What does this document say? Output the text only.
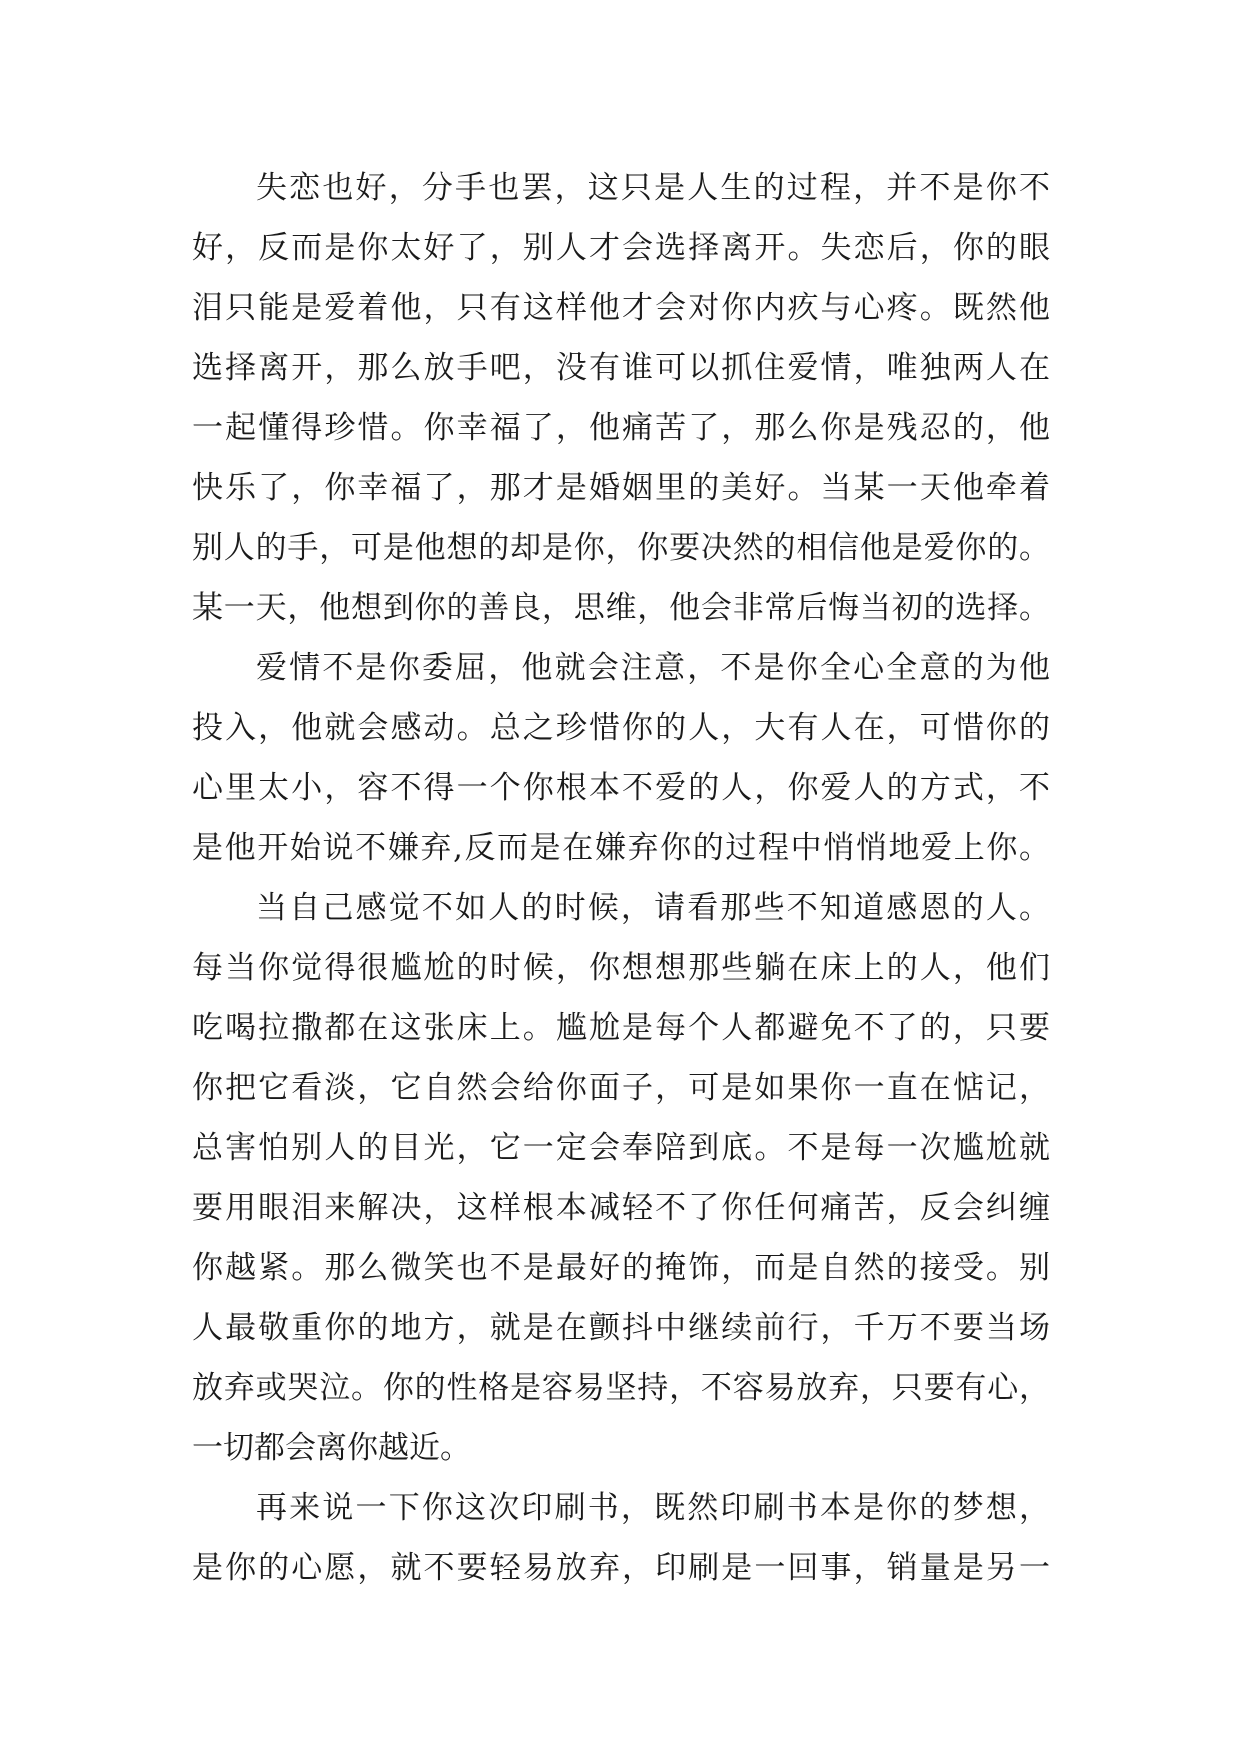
失恋也好，分手也罢，这只是人生的过程，并不是你不
好，反而是你太好了，别人才会选择离开。失恋后，你的眼
泪只能是爱着他，只有这样他才会对你内疚与心疼。既然他
选择离开，那么放手吧，没有谁可以抓住爱情，唯独两人在
一起懂得珍惜。你幸福了，他痛苦了，那么你是残忍的，他
快乐了，你幸福了，那才是婚姻里的美好。当某一天他牵着
别人的手，可是他想的却是你，你要决然的相信他是爱你的。
某一天，他想到你的善良，思维，他会非常后悔当初的选择。
爱情不是你委屈，他就会注意，不是你全心全意的为他
投入，他就会感动。总之珍惜你的人，大有人在，可惜你的
心里太小，容不得一个你根本不爱的人，你爱人的方式，不
是他开始说不嫌弃,反而是在嫌弃你的过程中悄悄地爱上你。
当自己感觉不如人的时候，请看那些不知道感恩的人。
每当你觉得很尴尬的时候，你想想那些躺在床上的人，他们
吃喝拉撒都在这张床上。尴尬是每个人都避免不了的，只要
你把它看淡，它自然会给你面子，可是如果你一直在惦记，
总害怕别人的目光，它一定会奉陪到底。不是每一次尴尬就
要用眼泪来解决，这样根本减轻不了你任何痛苦，反会纠缠
你越紧。那么微笑也不是最好的掩饰，而是自然的接受。别
人最敬重你的地方，就是在颤抖中继续前行，千万不要当场
放弃或哭泣。你的性格是容易坚持，不容易放弃，只要有心，
一切都会离你越近。
再来说一下你这次印刷书，既然印刷书本是你的梦想，
是你的心愿，就不要轻易放弃，印刷是一回事，销量是另一
